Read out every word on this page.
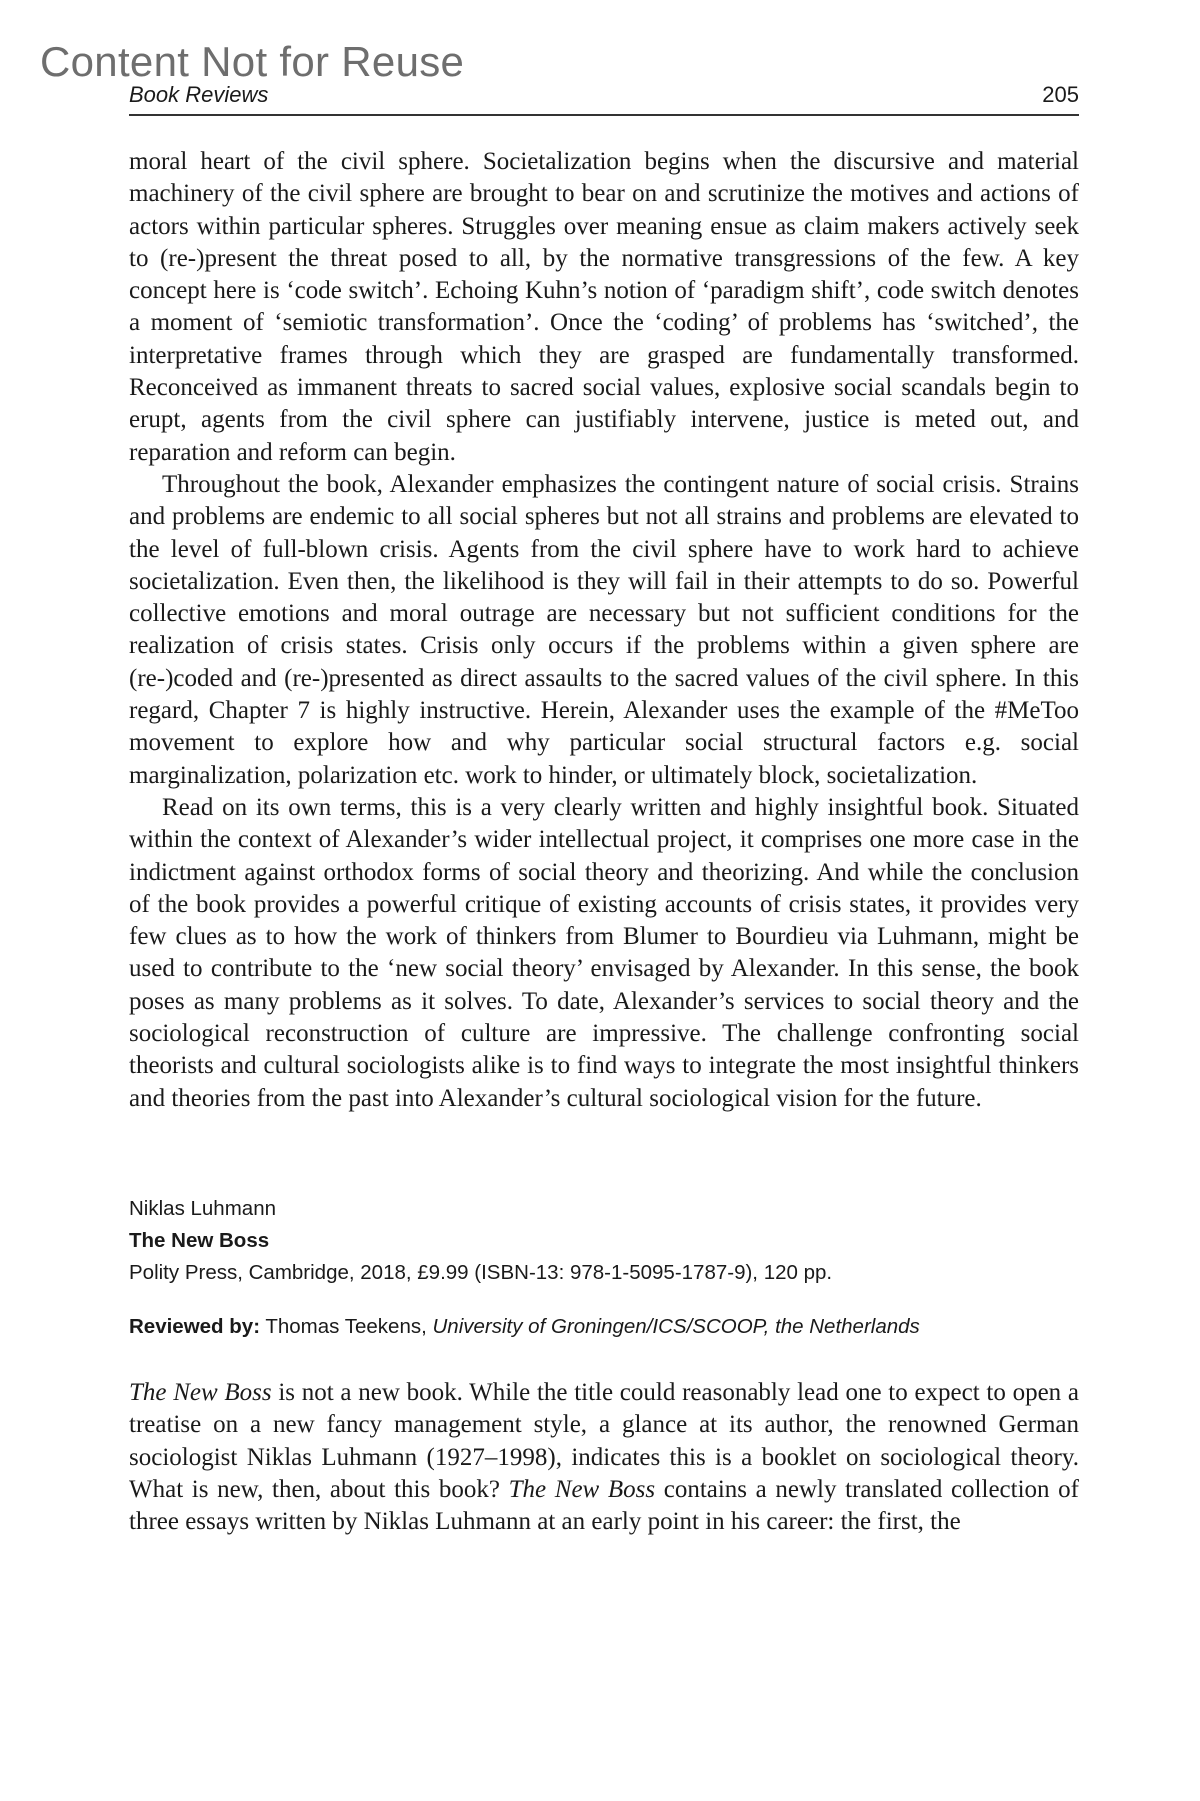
Content Not for Reuse
Book Reviews	205

moral heart of the civil sphere. Societalization begins when the discursive and material machinery of the civil sphere are brought to bear on and scrutinize the motives and actions of actors within particular spheres. Struggles over meaning ensue as claim makers actively seek to (re-)present the threat posed to all, by the normative transgressions of the few. A key concept here is ‘code switch’. Echoing Kuhn’s notion of ‘paradigm shift’, code switch denotes a moment of ‘semiotic transformation’. Once the ‘coding’ of problems has ‘switched’, the interpretative frames through which they are grasped are fundamentally transformed. Reconceived as immanent threats to sacred social values, explosive social scandals begin to erupt, agents from the civil sphere can justifiably intervene, justice is meted out, and reparation and reform can begin.

Throughout the book, Alexander emphasizes the contingent nature of social crisis. Strains and problems are endemic to all social spheres but not all strains and problems are elevated to the level of full-blown crisis. Agents from the civil sphere have to work hard to achieve societalization. Even then, the likelihood is they will fail in their attempts to do so. Powerful collective emotions and moral outrage are necessary but not sufficient conditions for the realization of crisis states. Crisis only occurs if the problems within a given sphere are (re-)coded and (re-)presented as direct assaults to the sacred values of the civil sphere. In this regard, Chapter 7 is highly instructive. Herein, Alexander uses the example of the #MeToo movement to explore how and why particular social structural factors e.g. social marginalization, polarization etc. work to hinder, or ultimately block, societalization.

Read on its own terms, this is a very clearly written and highly insightful book. Situated within the context of Alexander’s wider intellectual project, it comprises one more case in the indictment against orthodox forms of social theory and theorizing. And while the conclusion of the book provides a powerful critique of existing accounts of crisis states, it provides very few clues as to how the work of thinkers from Blumer to Bourdieu via Luhmann, might be used to contribute to the ‘new social theory’ envisaged by Alexander. In this sense, the book poses as many problems as it solves. To date, Alexander’s services to social theory and the sociological reconstruction of culture are impressive. The challenge confronting social theorists and cultural sociologists alike is to find ways to integrate the most insightful thinkers and theories from the past into Alexander’s cultural sociological vision for the future.

Niklas Luhmann
The New Boss
Polity Press, Cambridge, 2018, £9.99 (ISBN-13: 978-1-5095-1787-9), 120 pp.
Reviewed by: Thomas Teekens, University of Groningen/ICS/SCOOP, the Netherlands

The New Boss is not a new book. While the title could reasonably lead one to expect to open a treatise on a new fancy management style, a glance at its author, the renowned German sociologist Niklas Luhmann (1927–1998), indicates this is a booklet on sociological theory. What is new, then, about this book? The New Boss contains a newly translated collection of three essays written by Niklas Luhmann at an early point in his career: the first, the
